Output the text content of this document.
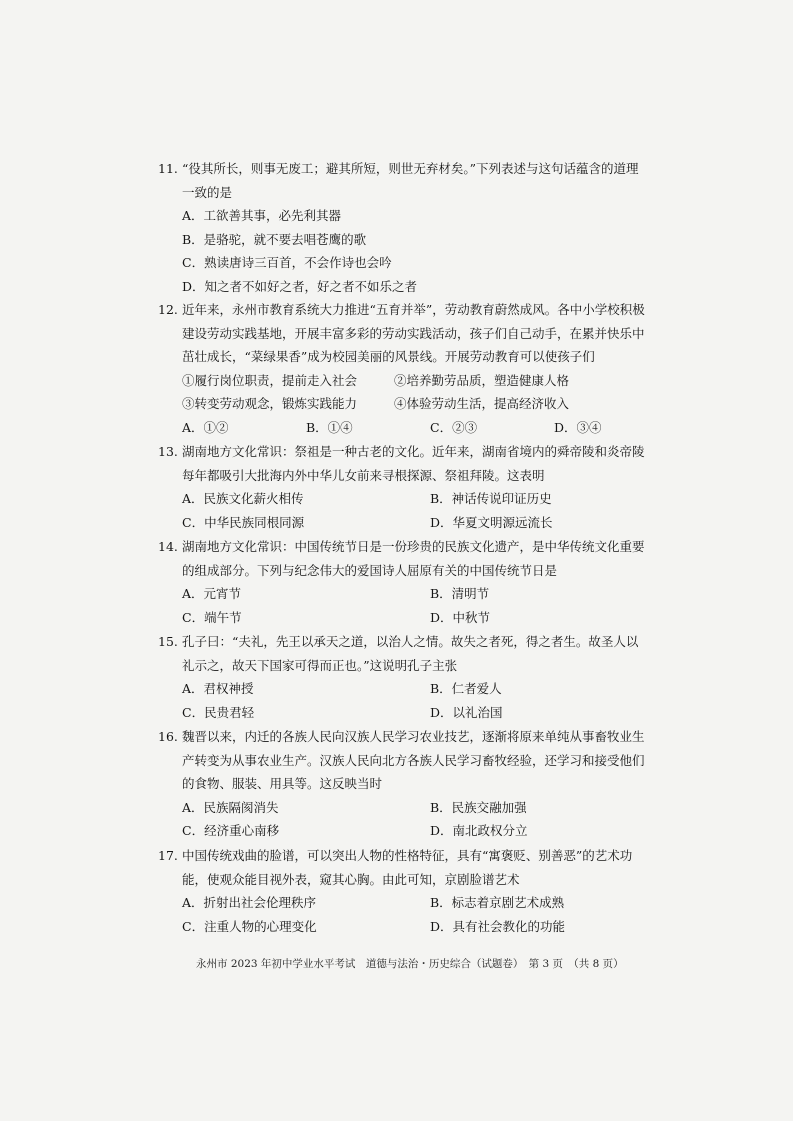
11. “役其所长，则事无废工；避其所短，则世无弃材矣。”下列表述与这句话蕴含的道理
一致的是
A．工欲善其事，必先利其器
B．是骆驼，就不要去唱苍鹰的歌
C．熟读唐诗三百首，不会作诗也会吟
D．知之者不如好之者，好之者不如乐之者
12. 近年来，永州市教育系统大力推进“五育并举”，劳动教育蔚然成风。各中小学校积极
建设劳动实践基地，开展丰富多彩的劳动实践活动，孩子们自己动手，在累并快乐中
茁壮成长，“菜绿果香”成为校园美丽的风景线。开展劳动教育可以使孩子们
①履行岗位职责，提前走入社会	②培养勤劳品质，塑造健康人格
③转变劳动观念，锻炼实践能力	④体验劳动生活，提高经济收入
A．①②	B．①④	C．②③	D．③④
13. 湖南地方文化常识：祭祖是一种古老的文化。近年来，湖南省境内的舜帝陵和炎帝陵
每年都吸引大批海内外中华儿女前来寻根探源、祭祖拜陵。这表明
A．民族文化薪火相传	B．神话传说印证历史
C．中华民族同根同源	D．华夏文明源远流长
14. 湖南地方文化常识：中国传统节日是一份珍贵的民族文化遗产，是中华传统文化重要
的组成部分。下列与纪念伟大的爱国诗人屈原有关的中国传统节日是
A．元宵节	B．清明节
C．端午节	D．中秋节
15. 孔子曰：“夫礼，先王以承天之道，以治人之情。故失之者死，得之者生。故圣人以
礼示之，故天下国家可得而正也。”这说明孔子主张
A．君权神授	B．仁者爱人
C．民贵君轻	D．以礼治国
16. 魏晋以来，内迁的各族人民向汉族人民学习农业技艺，逐渐将原来单纯从事畜牧业生
产转变为从事农业生产。汉族人民向北方各族人民学习畜牧经验，还学习和接受他们
的食物、服装、用具等。这反映当时
A．民族隔阂消失	B．民族交融加强
C．经济重心南移	D．南北政权分立
17. 中国传统戏曲的脸谱，可以突出人物的性格特征，具有“寓褒贬、别善恶”的艺术功
能，使观众能目视外表，窥其心胸。由此可知，京剧脸谱艺术
A．折射出社会伦理秩序	B．标志着京剧艺术成熟
C．注重人物的心理变化	D．具有社会教化的功能
永州市 2023 年初中学业水平考试　道德与法治・历史综合（试题卷）　第 3 页　（共 8 页）
